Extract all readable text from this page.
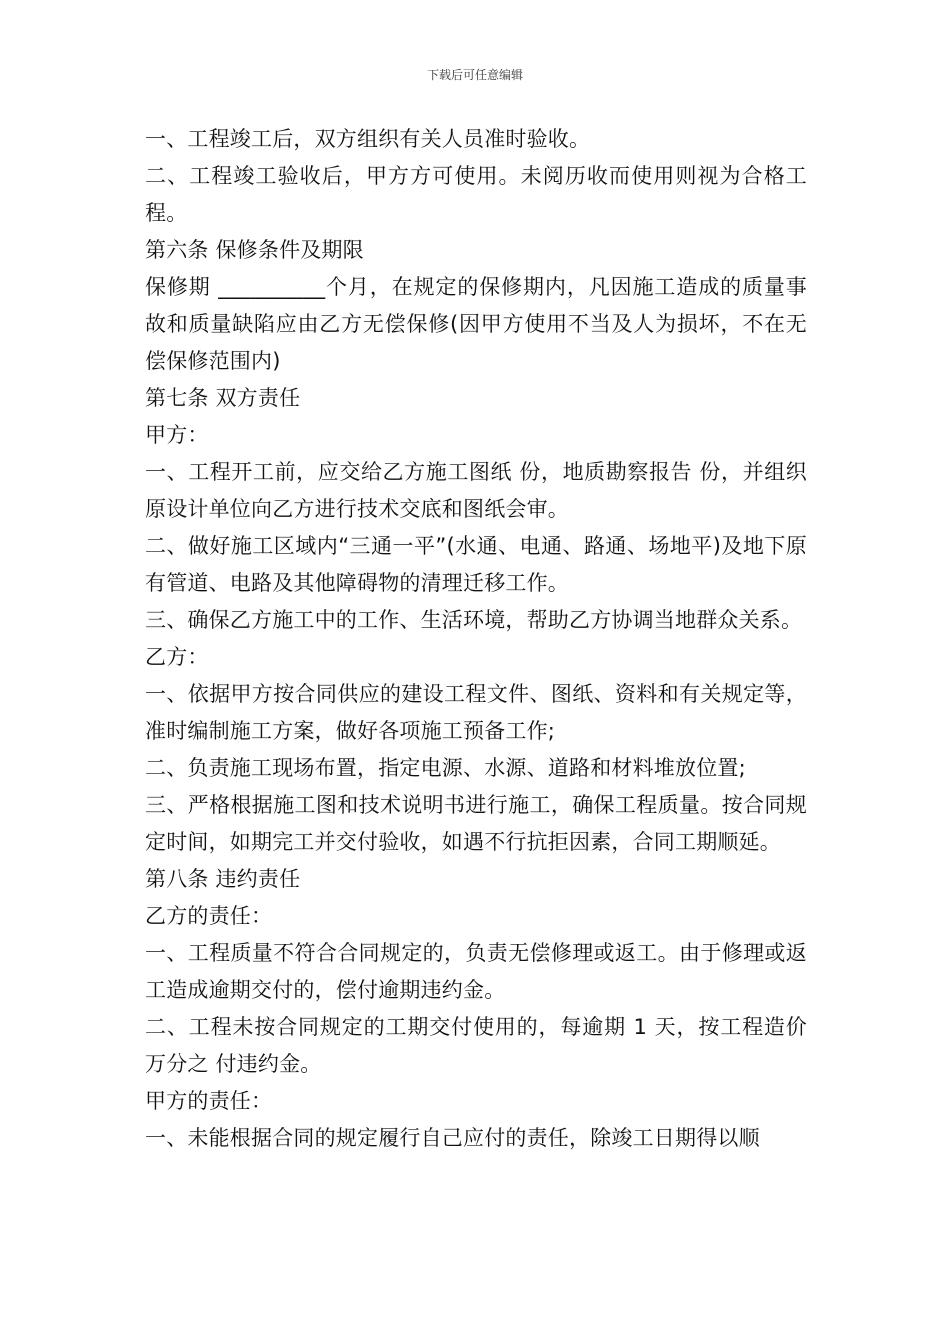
下载后可任意编辑

一、工程竣工后，双方组织有关人员准时验收。

二、工程竣工验收后，甲方方可使用。未阅历收而使用则视为合格工程。

第六条 保修条件及期限

保修期 __________个月，在规定的保修期内，凡因施工造成的质量事故和质量缺陷应由乙方无偿保修(因甲方使用不当及人为损坏，不在无偿保修范围内)

第七条 双方责任

甲方：

一、工程开工前，应交给乙方施工图纸 份，地质勘察报告 份，并组织原设计单位向乙方进行技术交底和图纸会审。

二、做好施工区域内“三通一平”(水通、电通、路通、场地平)及地下原有管道、电路及其他障碍物的清理迁移工作。

三、确保乙方施工中的工作、生活环境，帮助乙方协调当地群众关系。

乙方：

一、依据甲方按合同供应的建设工程文件、图纸、资料和有关规定等，准时编制施工方案，做好各项施工预备工作;

二、负责施工现场布置，指定电源、水源、道路和材料堆放位置;

三、严格根据施工图和技术说明书进行施工，确保工程质量。按合同规定时间，如期完工并交付验收，如遇不行抗拒因素，合同工期顺延。

第八条 违约责任

乙方的责任：

一、工程质量不符合合同规定的，负责无偿修理或返工。由于修理或返工造成逾期交付的，偿付逾期违约金。

二、工程未按合同规定的工期交付使用的，每逾期 1 天，按工程造价万分之 付违约金。

甲方的责任：

一、未能根据合同的规定履行自己应付的责任，除竣工日期得以顺
